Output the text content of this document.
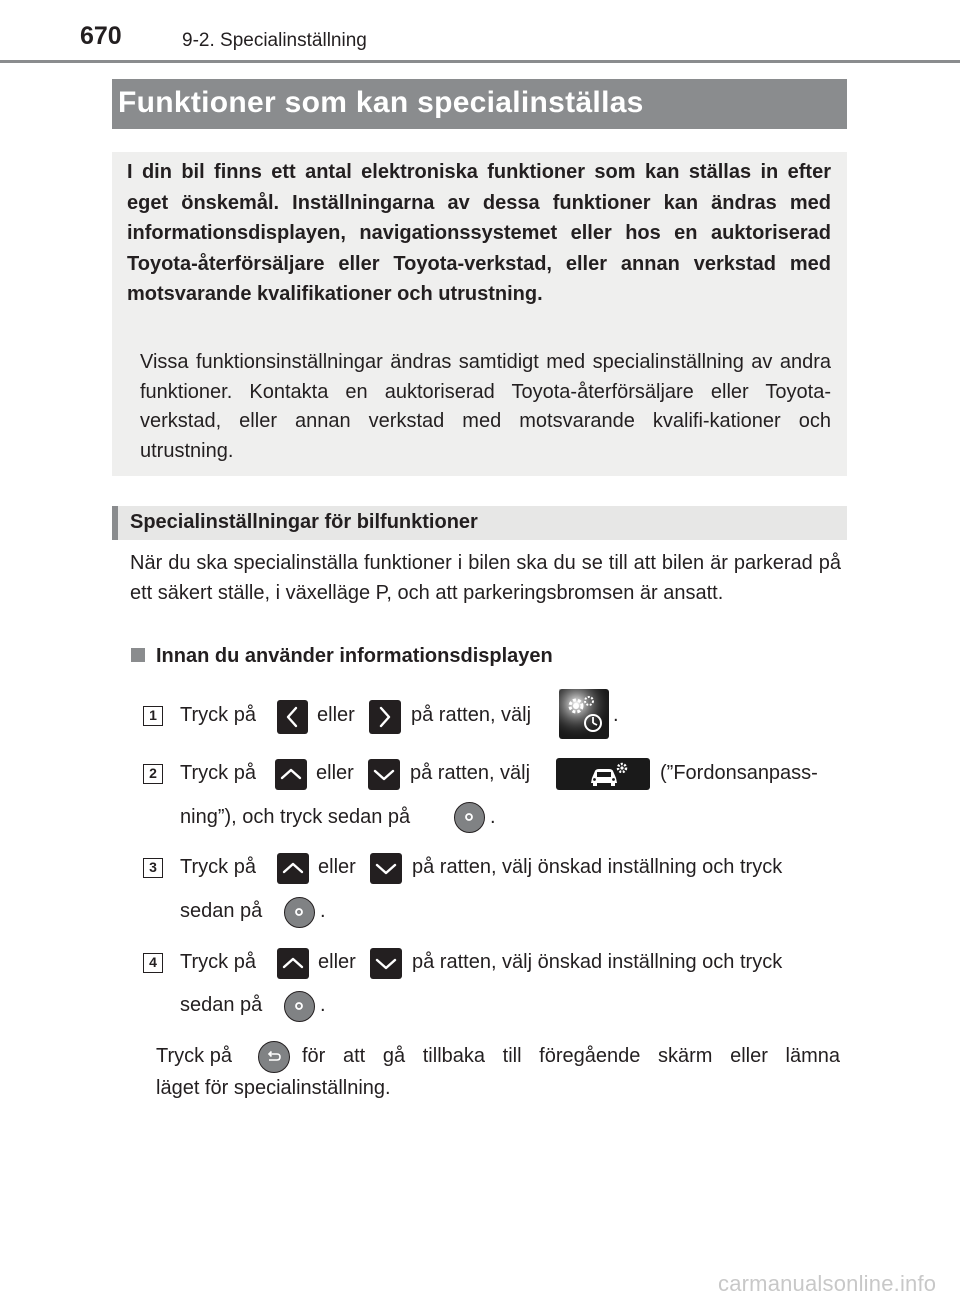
670	9-2. Specialinställning
Funktioner som kan specialinställas
I din bil finns ett antal elektroniska funktioner som kan ställas in efter eget önskemål. Inställningarna av dessa funktioner kan ändras med informationsdisplayen, navigationssystemet eller hos en auktoriserad Toyota-återförsäljare eller Toyota-verkstad, eller annan verkstad med motsvarande kvalifikationer och utrustning.
Vissa funktionsinställningar ändras samtidigt med specialinställning av andra funktioner. Kontakta en auktoriserad Toyota-återförsäljare eller Toyota-verkstad, eller annan verkstad med motsvarande kvalifi-kationer och utrustning.
Specialinställningar för bilfunktioner
När du ska specialinställa funktioner i bilen ska du se till att bilen är parkerad på ett säkert ställe, i växelläge P, och att parkeringsbromsen är ansatt.
Innan du använder informationsdisplayen
1	Tryck på	eller	på ratten, välj	.
2	Tryck på	eller	på ratten, välj	(”Fordonsanpass-
ning”), och tryck sedan på	.
3	Tryck på	eller	på ratten, välj önskad inställning och tryck
sedan på	.
4	Tryck på	eller	på ratten, välj önskad inställning och tryck
sedan på	.
Tryck på	för att gå tillbaka till föregående skärm eller lämna
läget för specialinställning.
carmanualsonline.info
